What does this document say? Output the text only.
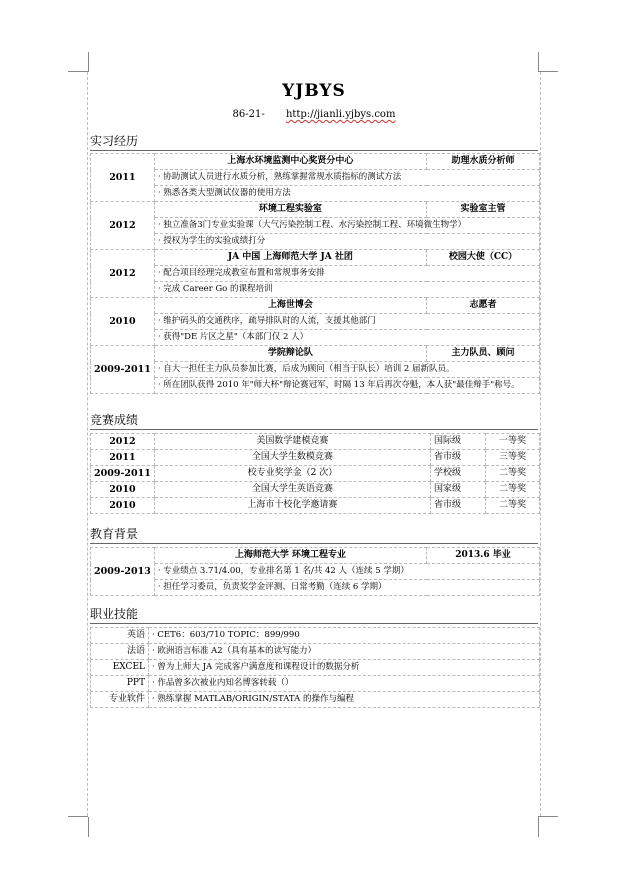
YJBYS
86-21- http://jianli.yjbys.com
实习经历
2011	上海水环境监测中心奖贤分中心	助理水质分析师
	· 协助测试人员进行水质分析，熟练掌握常规水质指标的测试方法	
	· 熟悉各类大型测试仪器的使用方法	
2012	环境工程实验室	实验室主管
	· 独立准备3门专业实验课（大气污染控制工程、水污染控制工程、环境微生物学）	
	· 授权为学生的实验成绩打分	
2012	JA 中国 上海师范大学 JA 社团	校园大使（CC）
	· 配合项目经理完成教室布置和常规事务安排	
	· 完成 Career Go 的课程培训	
2010	上海世博会	志愿者
	· 维护码头的交通秩序，疏导排队时的人流，支援其他部门	
	· 获得"DE 片区之星"（本部门仅 2 人）	
2009-2011	学院辩论队	主力队员、顾问
	· 自大一担任主力队员参加比赛，后成为顾问（相当于队长）培训 2 届新队员。	
	· 所在团队获得 2010 年"师大杯"辩论赛冠军，时隔 13 年后再次夺魁，本人获"最佳辩手"称号。	
竞赛成绩
2012	美国数学建模竞赛	国际级	一等奖
2011	全国大学生数模竞赛	省市级	三等奖
2009-2011	校专业奖学金（2 次）	学校级	二等奖
2010	全国大学生英语竞赛	国家级	二等奖
2010	上海市十校化学邀请赛	省市级	二等奖
教育背景
2009-2013	上海师范大学 环境工程专业	2013.6 毕业
· 专业绩点 3.71/4.00，专业排名第 1 名/共 42 人（连续 5 学期）
· 担任学习委员，负责奖学金评测、日常考勤（连续 6 学期）
职业技能
英语	· CET6：603/710 TOPIC：899/990
法语	· 欧洲语言标准 A2（具有基本的读写能力）
EXCEL	· 曾为上师大 JA 完成客户满意度和课程设计的数据分析
PPT	· 作品曾多次被业内知名博客转载（）
专业软件	· 熟练掌握 MATLAB/ORIGIN/STATA 的操作与编程
